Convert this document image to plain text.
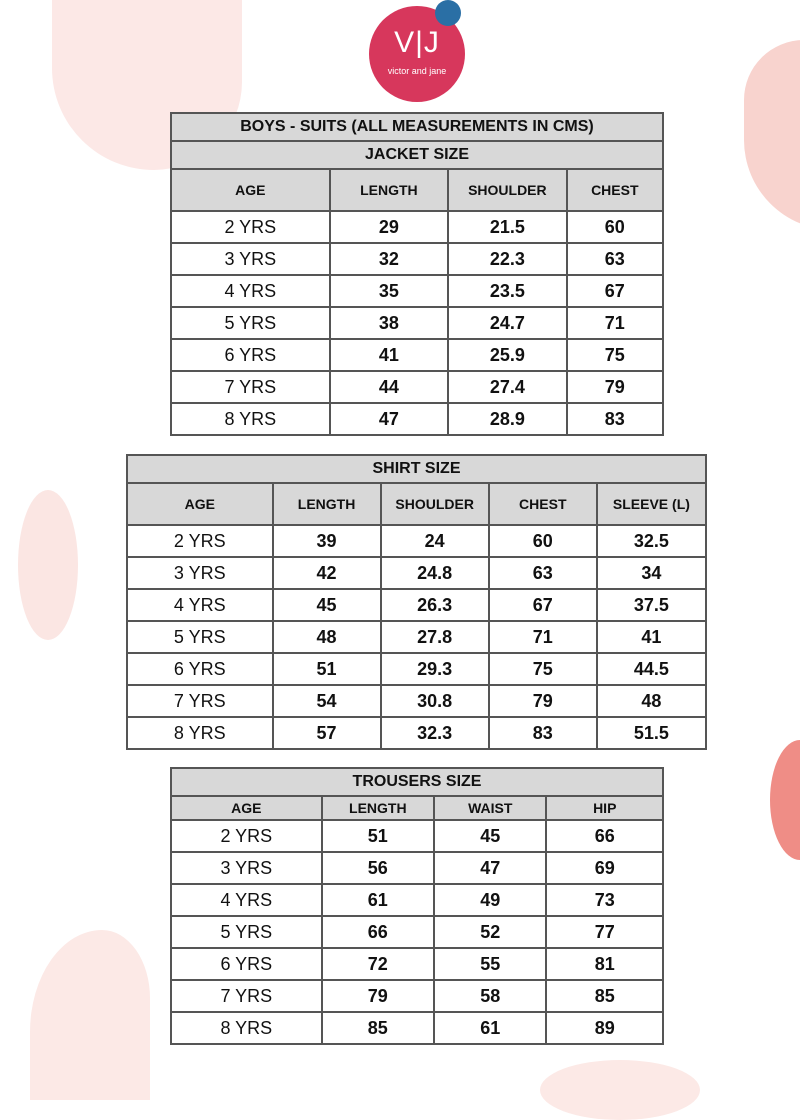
V|J
victor and jane
BOYS - SUITS (ALL MEASUREMENTS IN CMS)			
JACKET SIZE			
AGE	LENGTH	SHOULDER	CHEST
2 YRS	29	21.5	60
3 YRS	32	22.3	63
4 YRS	35	23.5	67
5 YRS	38	24.7	71
6 YRS	41	25.9	75
7 YRS	44	27.4	79
8 YRS	47	28.9	83
SHIRT SIZE				
AGE	LENGTH	SHOULDER	CHEST	SLEEVE (L)
2 YRS	39	24	60	32.5
3 YRS	42	24.8	63	34
4 YRS	45	26.3	67	37.5
5 YRS	48	27.8	71	41
6 YRS	51	29.3	75	44.5
7 YRS	54	30.8	79	48
8 YRS	57	32.3	83	51.5
TROUSERS SIZE			
AGE	LENGTH	WAIST	HIP
2 YRS	51	45	66
3 YRS	56	47	69
4 YRS	61	49	73
5 YRS	66	52	77
6 YRS	72	55	81
7 YRS	79	58	85
8 YRS	85	61	89
